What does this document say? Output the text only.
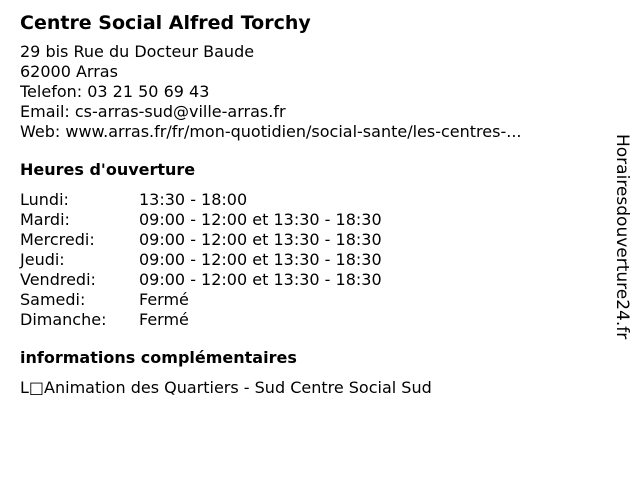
Centre Social Alfred Torchy
29 bis Rue du Docteur Baude
62000 Arras
Telefon: 03 21 50 69 43
Email: cs-arras-sud@ville-arras.fr
Web: www.arras.fr/fr/mon-quotidien/social-sante/les-centres-...
Heures d'ouverture
Lundi:	13:30 - 18:00
Mardi:	09:00 - 12:00 et 13:30 - 18:30
Mercredi:	09:00 - 12:00 et 13:30 - 18:30
Jeudi:	09:00 - 12:00 et 13:30 - 18:30
Vendredi:	09:00 - 12:00 et 13:30 - 18:30
Samedi:	Fermé
Dimanche:	Fermé
informations complémentaires
L□Animation des Quartiers - Sud Centre Social Sud
Horairesdouverture24.fr
